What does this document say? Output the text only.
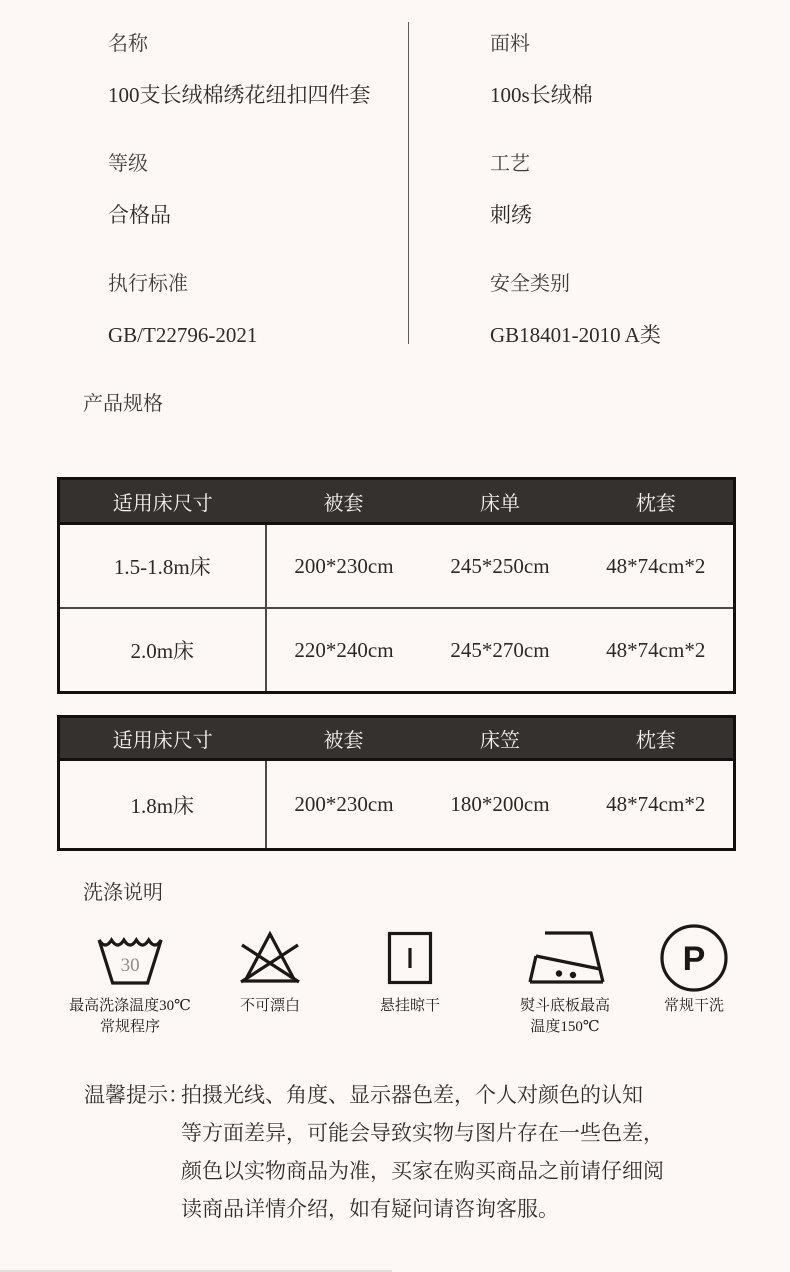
名称
100支长绒棉绣花纽扣四件套
等级
合格品
执行标准
GB/T22796-2021
面料
100s长绒棉
工艺
刺绣
安全类别
GB18401-2010 A类
产品规格
适用床尺寸	被套	床单	枕套
1.5-1.8m床	200*230cm	245*250cm	48*74cm*2
2.0m床	220*240cm	245*270cm	48*74cm*2
适用床尺寸	被套	床笠	枕套
1.8m床	200*230cm	180*200cm	48*74cm*2
洗涤说明
30
最高洗涤温度30℃
常规程序
不可漂白	悬挂晾干	熨斗底板最高
温度150℃
P
常规干洗
温馨提示：
拍摄光线、角度、显示器色差，个人对颜色的认知
等方面差异，可能会导致实物与图片存在一些色差，
颜色以实物商品为准，买家在购买商品之前请仔细阅
读商品详情介绍，如有疑问请咨询客服。
